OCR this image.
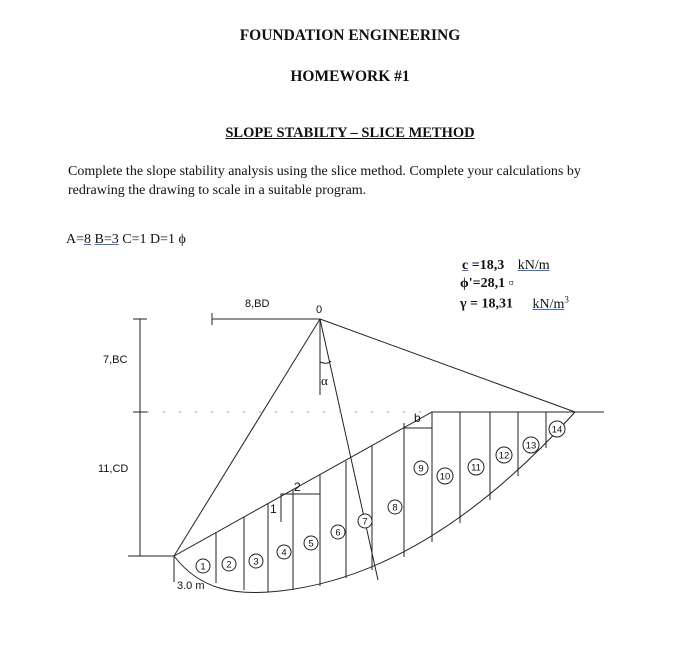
FOUNDATION ENGINEERING
HOMEWORK #1
SLOPE STABILTY – SLICE METHOD
Complete the slope stability analysis using the slice method. Complete your calculations by redrawing the drawing to scale in a suitable program.
A=8 B=3 C=1 D=1 ϕ
c =18,3 kN/m
ϕ'=28,1 ▫
γ = 18,31 $kN/m^3$
8,BD	0
7,BC
11,CD
α
b
1
2
3.0 m
1 2 3
4
5
6
7
8
9
10
11
12
13
14
